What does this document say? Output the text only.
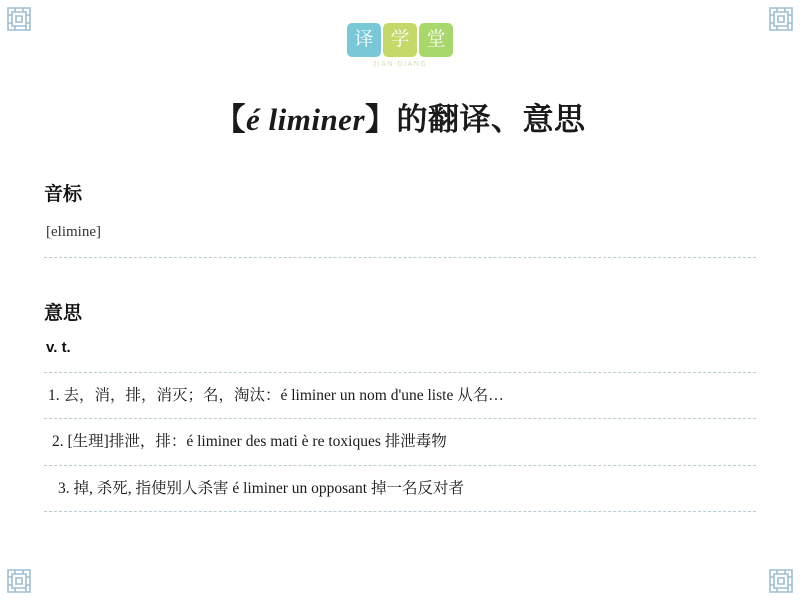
译 学 堂
JIAN-DIANG
【é liminer】的翻译、意思
音标
[elimine]
意思
v. t.
1. 去，消，排，消灭；名，淘汰：é liminer un nom d'une liste 从名…
2. [生理]排泄，排：é liminer des mati è re toxiques 排泄毒物
3. 掉, 杀死, 指使别人杀害 é liminer un opposant 掉一名反对者
